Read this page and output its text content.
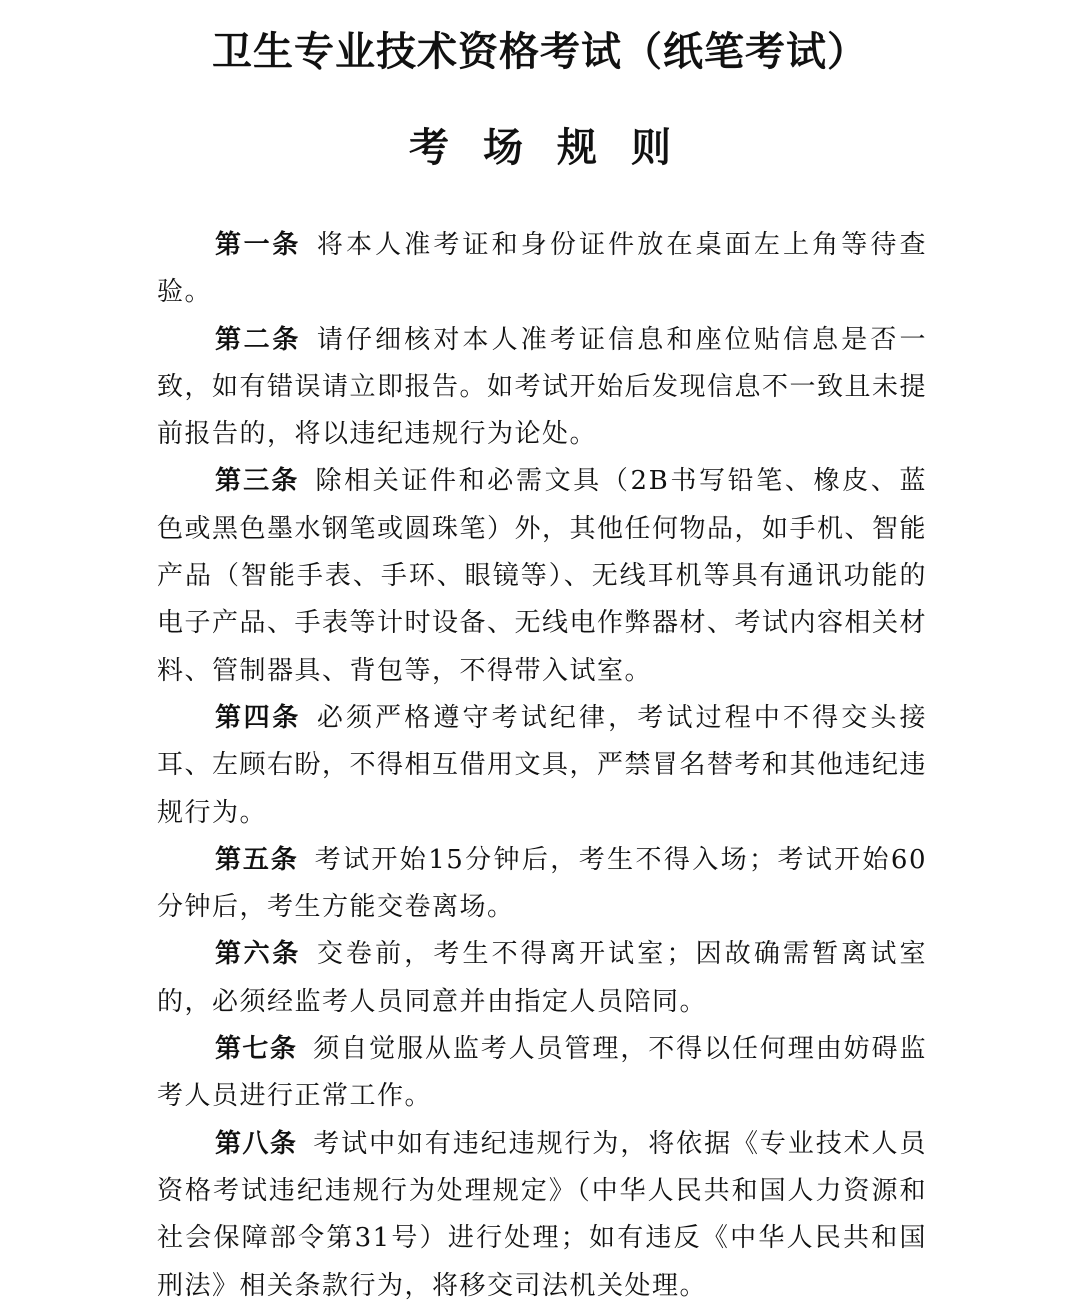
卫生专业技术资格考试（纸笔考试）
考场规则

第一条 将本人准考证和身份证件放在桌面左上角等待查验。

第二条 请仔细核对本人准考证信息和座位贴信息是否一致，如有错误请立即报告。如考试开始后发现信息不一致且未提前报告的，将以违纪违规行为论处。

第三条 除相关证件和必需文具（2B书写铅笔、橡皮、蓝色或黑色墨水钢笔或圆珠笔）外，其他任何物品，如手机、智能产品（智能手表、手环、眼镜等）、无线耳机等具有通讯功能的电子产品、手表等计时设备、无线电作弊器材、考试内容相关材料、管制器具、背包等，不得带入试室。

第四条 必须严格遵守考试纪律，考试过程中不得交头接耳、左顾右盼，不得相互借用文具，严禁冒名替考和其他违纪违规行为。

第五条 考试开始15分钟后，考生不得入场；考试开始60分钟后，考生方能交卷离场。

第六条 交卷前，考生不得离开试室；因故确需暂离试室的，必须经监考人员同意并由指定人员陪同。

第七条 须自觉服从监考人员管理，不得以任何理由妨碍监考人员进行正常工作。

第八条 考试中如有违纪违规行为，将依据《专业技术人员资格考试违纪违规行为处理规定》（中华人民共和国人力资源和社会保障部令第31号）进行处理；如有违反《中华人民共和国刑法》相关条款行为，将移交司法机关处理。
